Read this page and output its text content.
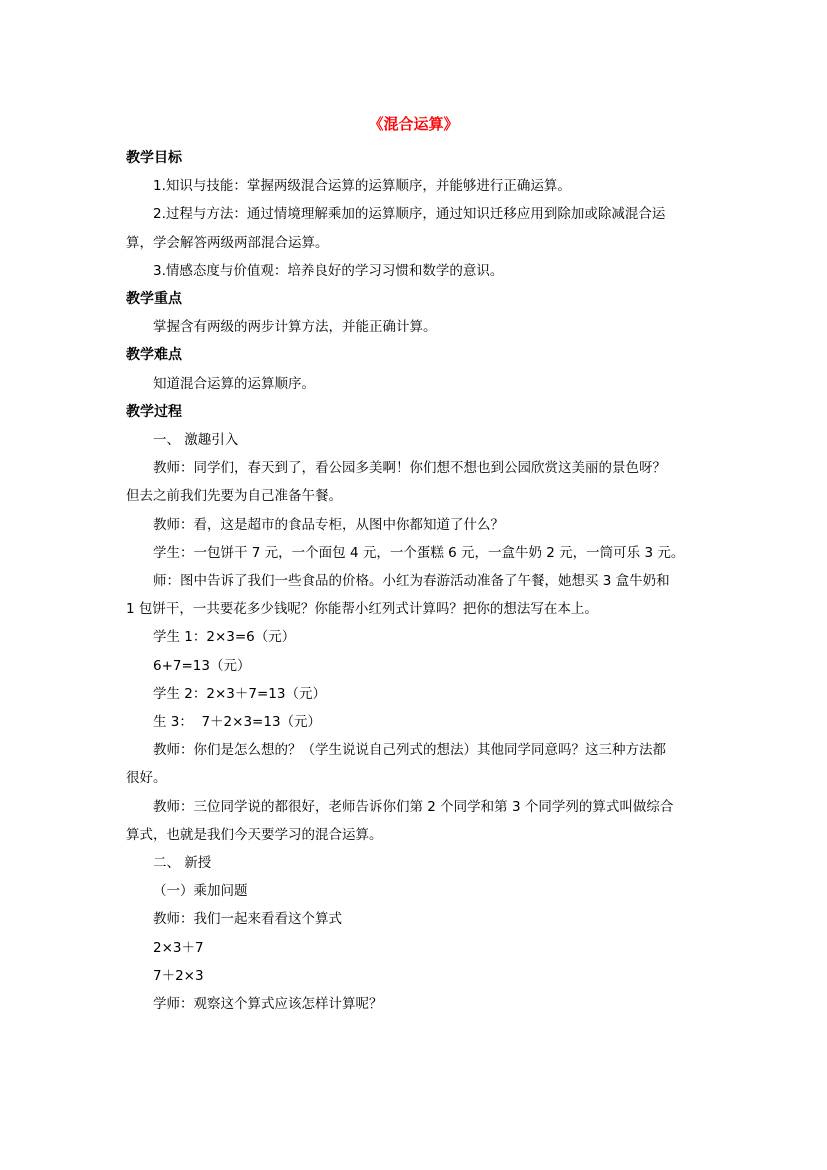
《混合运算》
教学目标
1.知识与技能：掌握两级混合运算的运算顺序，并能够进行正确运算。
2.过程与方法：通过情境理解乘加的运算顺序，通过知识迁移应用到除加或除减混合运
算，学会解答两级两部混合运算。
3.情感态度与价值观：培养良好的学习习惯和数学的意识。
教学重点
掌握含有两级的两步计算方法，并能正确计算。
教学难点
知道混合运算的运算顺序。
教学过程
一、 激趣引入
教师：同学们，春天到了，看公园多美啊！你们想不想也到公园欣赏这美丽的景色呀？
但去之前我们先要为自己准备午餐。
教师：看，这是超市的食品专柜，从图中你都知道了什么？
学生：一包饼干 7 元，一个面包 4 元，一个蛋糕 6 元，一盒牛奶 2 元，一筒可乐 3 元。
师：图中告诉了我们一些食品的价格。小红为春游活动准备了午餐，她想买 3 盒牛奶和
1 包饼干，一共要花多少钱呢？你能帮小红列式计算吗？把你的想法写在本上。
学生 1：2×3=6（元）
6+7=13（元）
学生 2：2×3＋7=13（元）
生 3：  7＋2×3=13（元）
教师：你们是怎么想的？（学生说说自己列式的想法）其他同学同意吗？这三种方法都
很好。
教师：三位同学说的都很好，老师告诉你们第 2 个同学和第 3 个同学列的算式叫做综合
算式，也就是我们今天要学习的混合运算。
二、 新授
（一）乘加问题
教师：我们一起来看看这个算式
2×3＋7
7＋2×3
学师：观察这个算式应该怎样计算呢？
